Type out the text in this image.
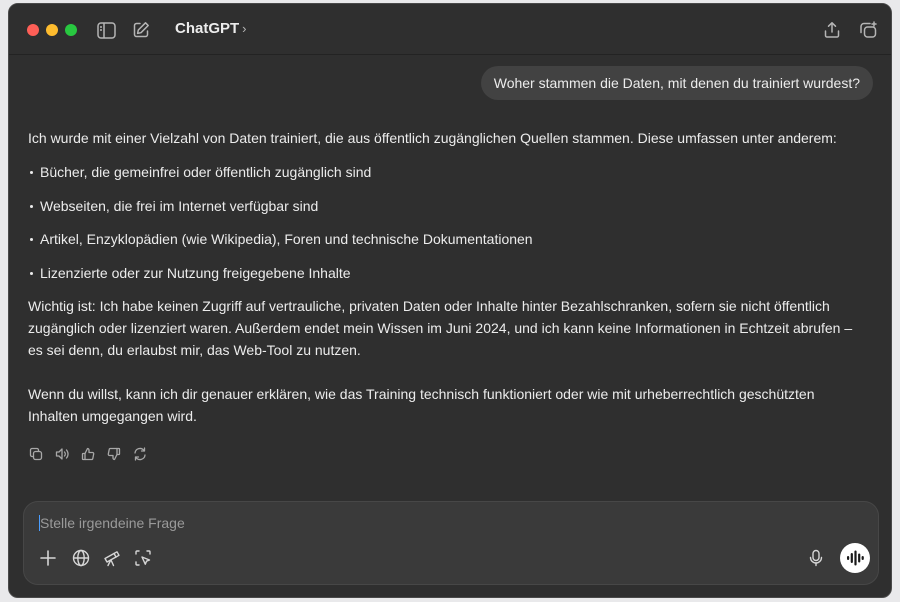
ChatGPT ›
Woher stammen die Daten, mit denen du trainiert wurdest?

Ich wurde mit einer Vielzahl von Daten trainiert, die aus öffentlich zugänglichen Quellen stammen. Diese umfassen unter anderem:

Bücher, die gemeinfrei oder öffentlich zugänglich sind
Webseiten, die frei im Internet verfügbar sind
Artikel, Enzyklopädien (wie Wikipedia), Foren und technische Dokumentationen
Lizenzierte oder zur Nutzung freigegebene Inhalte

Wichtig ist: Ich habe keinen Zugriff auf vertrauliche, privaten Daten oder Inhalte hinter Bezahlschranken, sofern sie nicht öffentlich zugänglich oder lizenziert waren. Außerdem endet mein Wissen im Juni 2024, und ich kann keine Informationen in Echtzeit abrufen – es sei denn, du erlaubst mir, das Web-Tool zu nutzen.

Wenn du willst, kann ich dir genauer erklären, wie das Training technisch funktioniert oder wie mit urheberrechtlich geschützten Inhalten umgegangen wird.

Stelle irgendeine Frage
